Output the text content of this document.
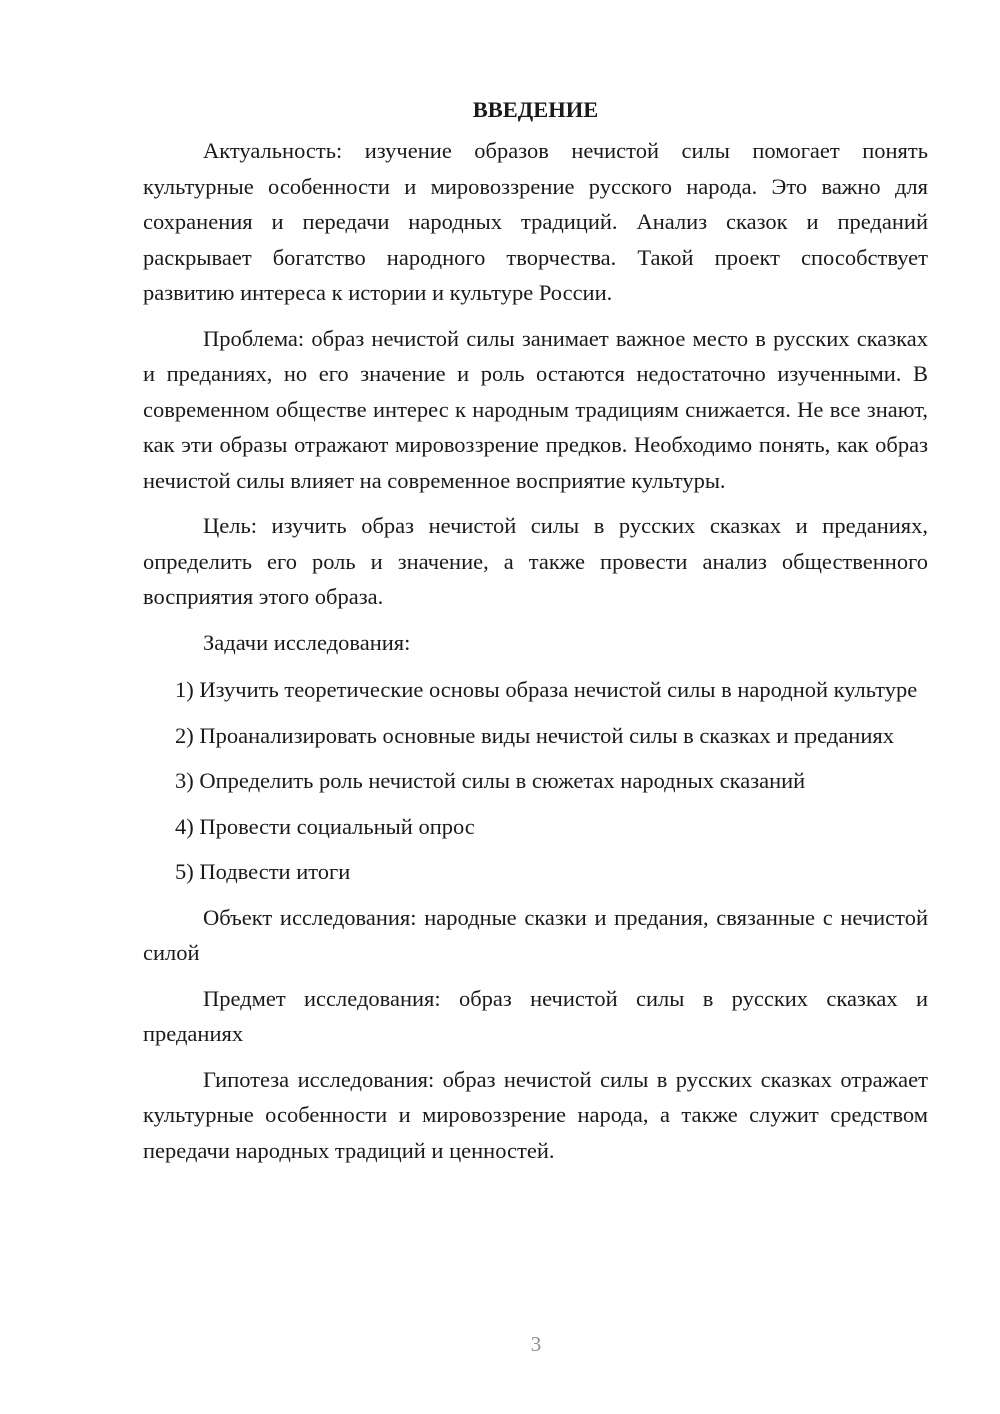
ВВЕДЕНИЕ

Актуальность: изучение образов нечистой силы помогает понять культурные особенности и мировоззрение русского народа. Это важно для сохранения и передачи народных традиций. Анализ сказок и преданий раскрывает богатство народного творчества. Такой проект способствует развитию интереса к истории и культуре России.

Проблема: образ нечистой силы занимает важное место в русских сказках и преданиях, но его значение и роль остаются недостаточно изученными. В современном обществе интерес к народным традициям снижается. Не все знают, как эти образы отражают мировоззрение предков. Необходимо понять, как образ нечистой силы влияет на современное восприятие культуры.

Цель: изучить образ нечистой силы в русских сказках и преданиях, определить его роль и значение, а также провести анализ общественного восприятия этого образа.

Задачи исследования:

1) Изучить теоретические основы образа нечистой силы в народной культуре

2) Проанализировать основные виды нечистой силы в сказках и преданиях

3) Определить роль нечистой силы в сюжетах народных сказаний

4) Провести социальный опрос

5) Подвести итоги

Объект исследования: народные сказки и предания, связанные с нечистой силой

Предмет исследования: образ нечистой силы в русских сказках и преданиях

Гипотеза исследования: образ нечистой силы в русских сказках отражает культурные особенности и мировоззрение народа, а также служит средством передачи народных традиций и ценностей.

3
